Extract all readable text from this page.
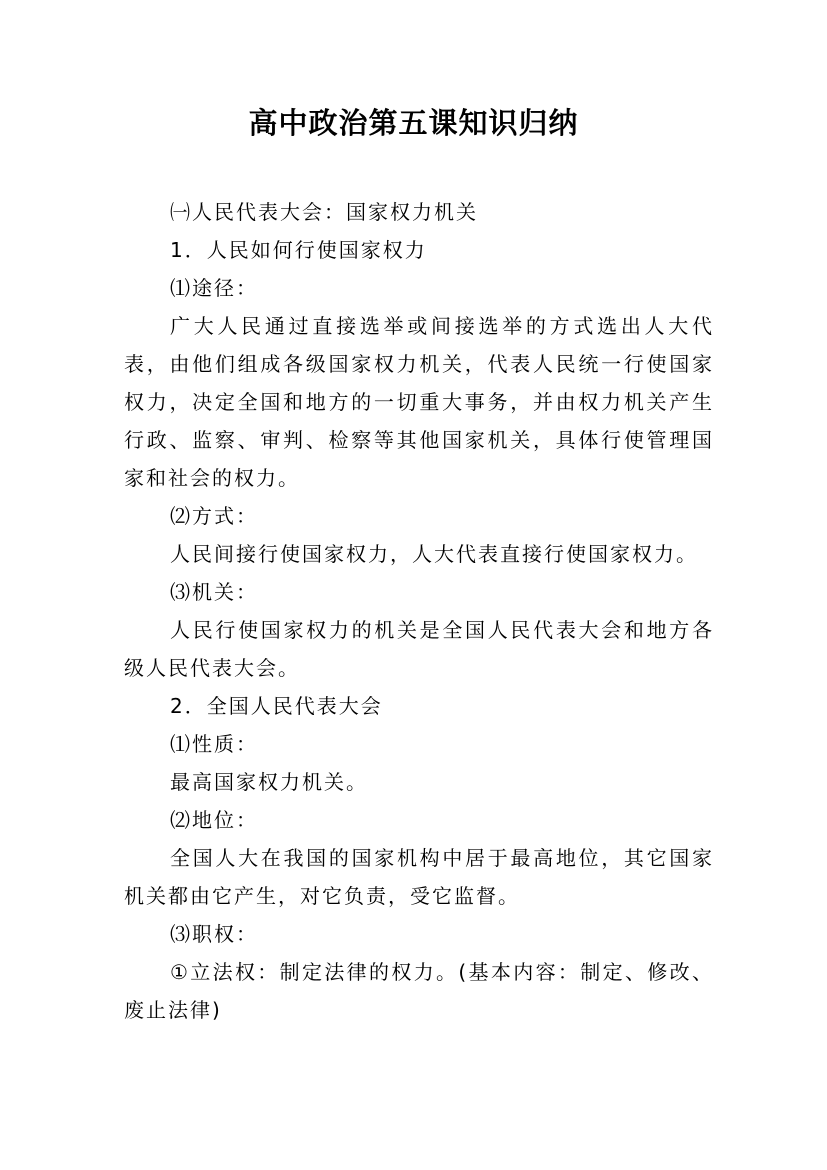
高中政治第五课知识归纳
㈠人民代表大会：国家权力机关
1．人民如何行使国家权力
⑴途径：
广大人民通过直接选举或间接选举的方式选出人大代表，由他们组成各级国家权力机关，代表人民统一行使国家权力，决定全国和地方的一切重大事务，并由权力机关产生行政、监察、审判、检察等其他国家机关，具体行使管理国家和社会的权力。
⑵方式：
人民间接行使国家权力，人大代表直接行使国家权力。
⑶机关：
人民行使国家权力的机关是全国人民代表大会和地方各级人民代表大会。
2．全国人民代表大会
⑴性质：
最高国家权力机关。
⑵地位：
全国人大在我国的国家机构中居于最高地位，其它国家机关都由它产生，对它负责，受它监督。
⑶职权：
①立法权：制定法律的权力。(基本内容：制定、修改、废止法律)
